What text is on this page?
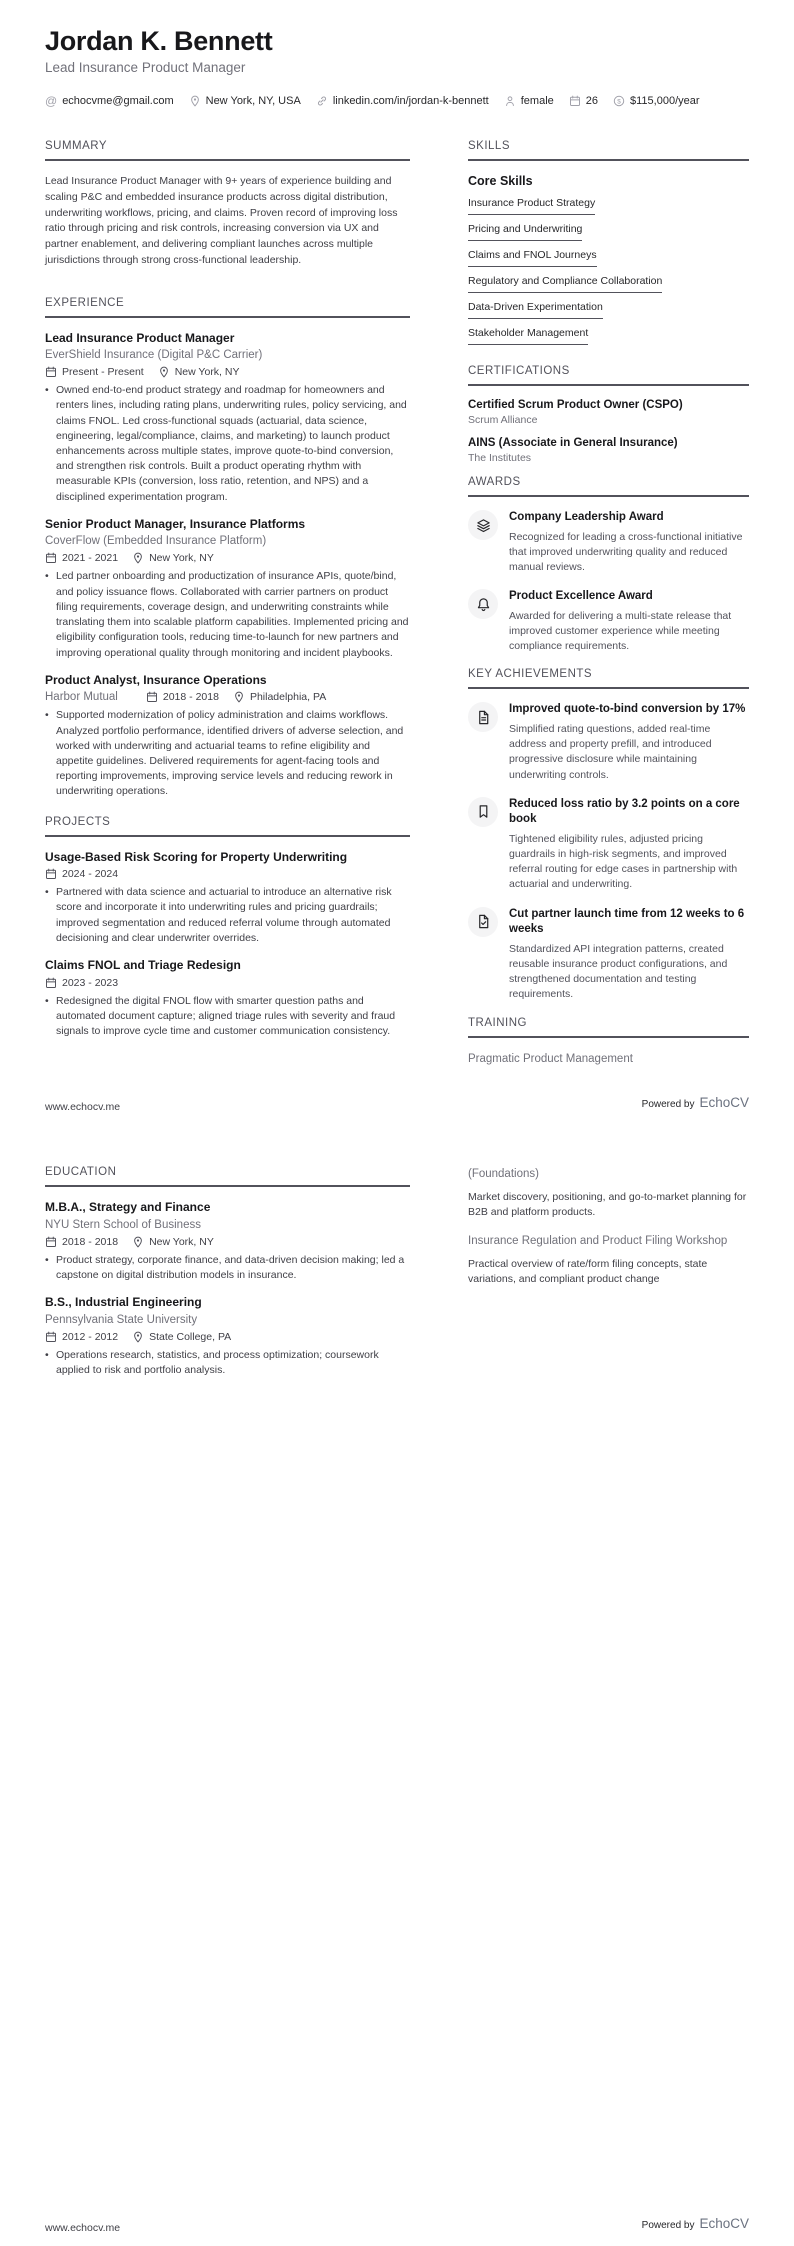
Jordan K. Bennett
Lead Insurance Product Manager
@ echocvme@gmail.com	New York, NY, USA	linkedin.com/in/jordan-k-bennett	female	26 $ $115,000/year
SUMMARY

Lead Insurance Product Manager with 9+ years of experience building and scaling P&C and embedded insurance products across digital distribution, underwriting workflows, pricing, and claims. Proven record of improving loss ratio through pricing and risk controls, increasing conversion via UX and partner enablement, and delivering compliant launches across multiple jurisdictions through strong cross-functional leadership.

EXPERIENCE
Lead Insurance Product Manager
EverShield Insurance (Digital P&C Carrier)
Present - Present	New York, NY
• Owned end-to-end product strategy and roadmap for homeowners and renters lines, including rating plans, underwriting rules, policy servicing, and claims FNOL. Led cross-functional squads (actuarial, data science, engineering, legal/compliance, claims, and marketing) to launch product enhancements across multiple states, improve quote-to-bind conversion, and strengthen risk controls. Built a product operating rhythm with measurable KPIs (conversion, loss ratio, retention, and NPS) and a disciplined experimentation program.
Senior Product Manager, Insurance Platforms
CoverFlow (Embedded Insurance Platform)
2021 - 2021	New York, NY
• Led partner onboarding and productization of insurance APIs, quote/bind, and policy issuance flows. Collaborated with carrier partners on product filing requirements, coverage design, and underwriting constraints while translating them into scalable platform capabilities. Implemented pricing and eligibility configuration tools, reducing time-to-launch for new partners and improving operational quality through monitoring and incident playbooks.
Product Analyst, Insurance Operations
Harbor Mutual	2018 - 2018	Philadelphia, PA
• Supported modernization of policy administration and claims workflows. Analyzed portfolio performance, identified drivers of adverse selection, and worked with underwriting and actuarial teams to refine eligibility and appetite guidelines. Delivered requirements for agent-facing tools and reporting improvements, improving service levels and reducing rework in underwriting operations.
PROJECTS
Usage-Based Risk Scoring for Property Underwriting
2024 - 2024
• Partnered with data science and actuarial to introduce an alternative risk score and incorporate it into underwriting rules and pricing guardrails; improved segmentation and reduced referral volume through automated decisioning and clear underwriter overrides.
Claims FNOL and Triage Redesign
2023 - 2023
• Redesigned the digital FNOL flow with smarter question paths and automated document capture; aligned triage rules with severity and fraud signals to improve cycle time and customer communication consistency.
SKILLS
Core Skills
Insurance Product Strategy
Pricing and Underwriting
Claims and FNOL Journeys
Regulatory and Compliance Collaboration
Data-Driven Experimentation
Stakeholder Management
CERTIFICATIONS
Certified Scrum Product Owner (CSPO)
Scrum Alliance
AINS (Associate in General Insurance)
The Institutes
AWARDS
Company Leadership Award
Recognized for leading a cross-functional initiative that improved underwriting quality and reduced manual reviews.
Product Excellence Award
Awarded for delivering a multi-state release that improved customer experience while meeting compliance requirements.
KEY ACHIEVEMENTS
Improved quote-to-bind conversion by 17%
Simplified rating questions, added real-time address and property prefill, and introduced progressive disclosure while maintaining underwriting controls.
Reduced loss ratio by 3.2 points on a core book
Tightened eligibility rules, adjusted pricing guardrails in high-risk segments, and improved referral routing for edge cases in partnership with actuarial and underwriting.
Cut partner launch time from 12 weeks to 6 weeks
Standardized API integration patterns, created reusable insurance product configurations, and strengthened documentation and testing requirements.
TRAINING
Pragmatic Product Management
www.echocv.me	Powered by EchoCV
EDUCATION
M.B.A., Strategy and Finance
NYU Stern School of Business
2018 - 2018	New York, NY
• Product strategy, corporate finance, and data-driven decision making; led a capstone on digital distribution models in insurance.
B.S., Industrial Engineering
Pennsylvania State University
2012 - 2012	State College, PA
• Operations research, statistics, and process optimization; coursework applied to risk and portfolio analysis.
(Foundations)
Market discovery, positioning, and go-to-market planning for B2B and platform products.
Insurance Regulation and Product Filing Workshop
Practical overview of rate/form filing concepts, state variations, and compliant product change
www.echocv.me	Powered by EchoCV
